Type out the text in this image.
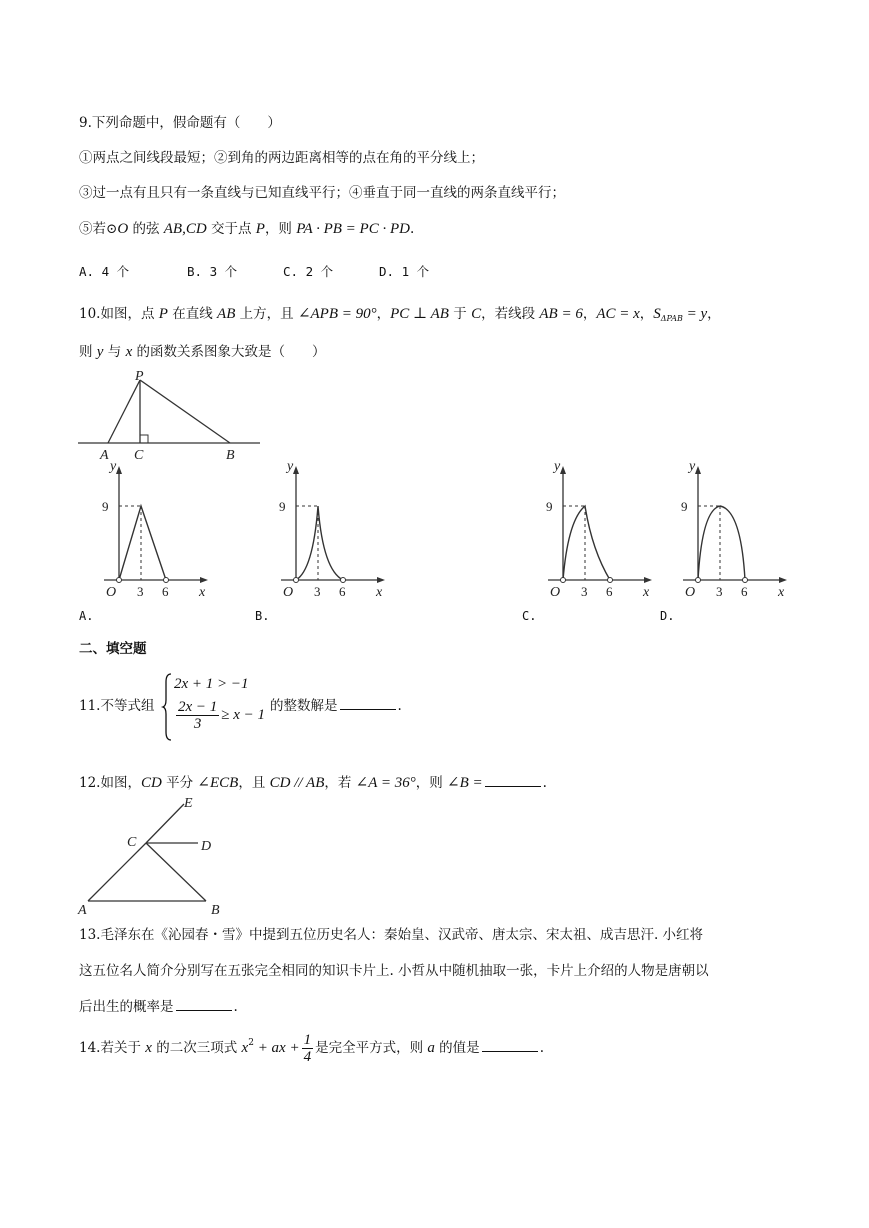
9.下列命题中，假命题有（　　）
①两点之间线段最短；②到角的两边距离相等的点在角的平分线上；
③过一点有且只有一条直线与已知直线平行；④垂直于同一直线的两条直线平行；
⑤若⊙O 的弦 AB,CD 交于点 P，则 PA · PB = PC · PD.
A. 4 个	B. 3 个	C. 2 个	D. 1 个
10.如图，点 P 在直线 AB 上方，且 ∠APB = 90°，PC ⊥ AB 于 C，若线段 AB = 6，AC = x，$S_{\Delta PAB} = y$，
则 y 与 x 的函数关系图象大致是（　　）
P
A C	B
y
9
O 3 6 x
A.
y
9
O 3 6 x
B.
y
9
O 3 6 x
C.
y
9
O 3 6 x
D.
二、填空题
11.不等式组
2x + 1 > −1
$\frac{2x - 1}{3} \ge x - 1$
的整数解是	.
12.如图，CD 平分 ∠ECB，且 CD // AB，若 ∠A = 36°，则 ∠B =	.
E
C	D
A	B
13.毛泽东在《沁园春・雪》中提到五位历史名人：秦始皇、汉武帝、唐太宗、宋太祖、成吉思汗. 小红将
这五位名人简介分别写在五张完全相同的知识卡片上. 小哲从中随机抽取一张，卡片上介绍的人物是唐朝以
后出生的概率是	.
14.若关于 x 的二次三项式 $x^2$ + ax + $\frac{1}{4}$ 是完全平方式，则 a 的值是	.
